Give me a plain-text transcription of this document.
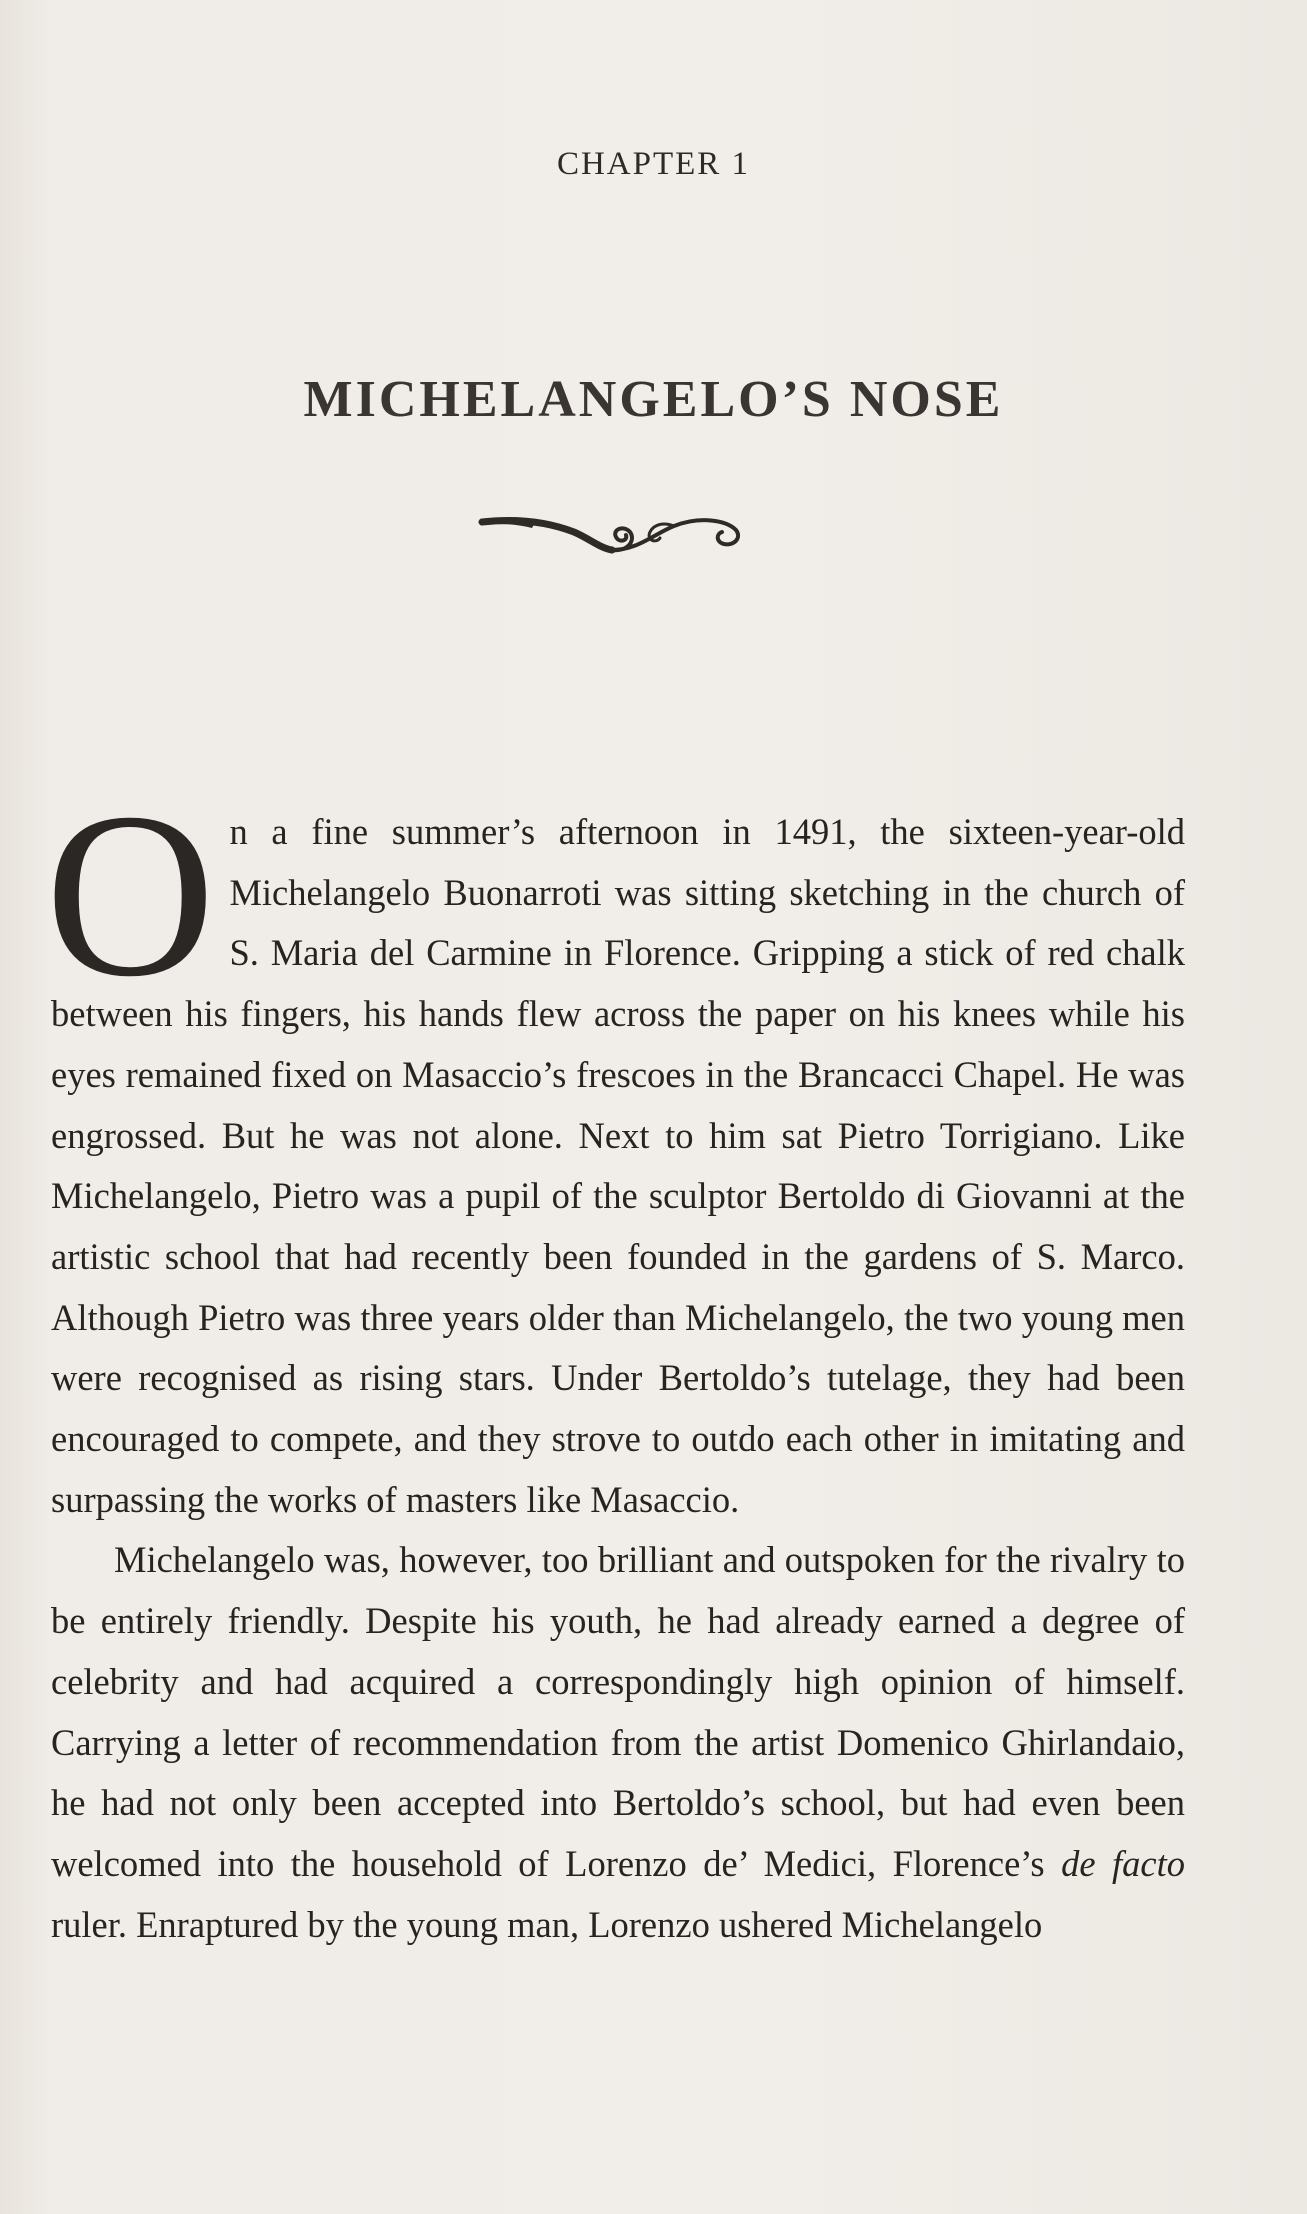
CHAPTER 1
MICHELANGELO’S NOSE

On a fine summer’s afternoon in 1491, the sixteen-year-old Michelangelo Buonarroti was sitting sketching in the church of S. Maria del Carmine in Florence. Gripping a stick of red chalk between his fingers, his hands flew across the paper on his knees while his eyes remained fixed on Masaccio’s frescoes in the Brancacci Chapel. He was engrossed. But he was not alone. Next to him sat Pietro Torrigiano. Like Michelangelo, Pietro was a pupil of the sculptor Bertoldo di Giovanni at the artistic school that had recently been founded in the gardens of S. Marco. Although Pietro was three years older than Michelangelo, the two young men were recognised as rising stars. Under Bertoldo’s tutelage, they had been encouraged to compete, and they strove to outdo each other in imitating and surpassing the works of masters like Masaccio.

Michelangelo was, however, too brilliant and outspoken for the rivalry to be entirely friendly. Despite his youth, he had already earned a degree of celebrity and had acquired a correspondingly high opinion of himself. Carrying a letter of recommendation from the artist Domenico Ghirlandaio, he had not only been accepted into Bertoldo’s school, but had even been welcomed into the household of Lorenzo de’ Medici, Florence’s de facto ruler. Enraptured by the young man, Lorenzo ushered Michelangelo
